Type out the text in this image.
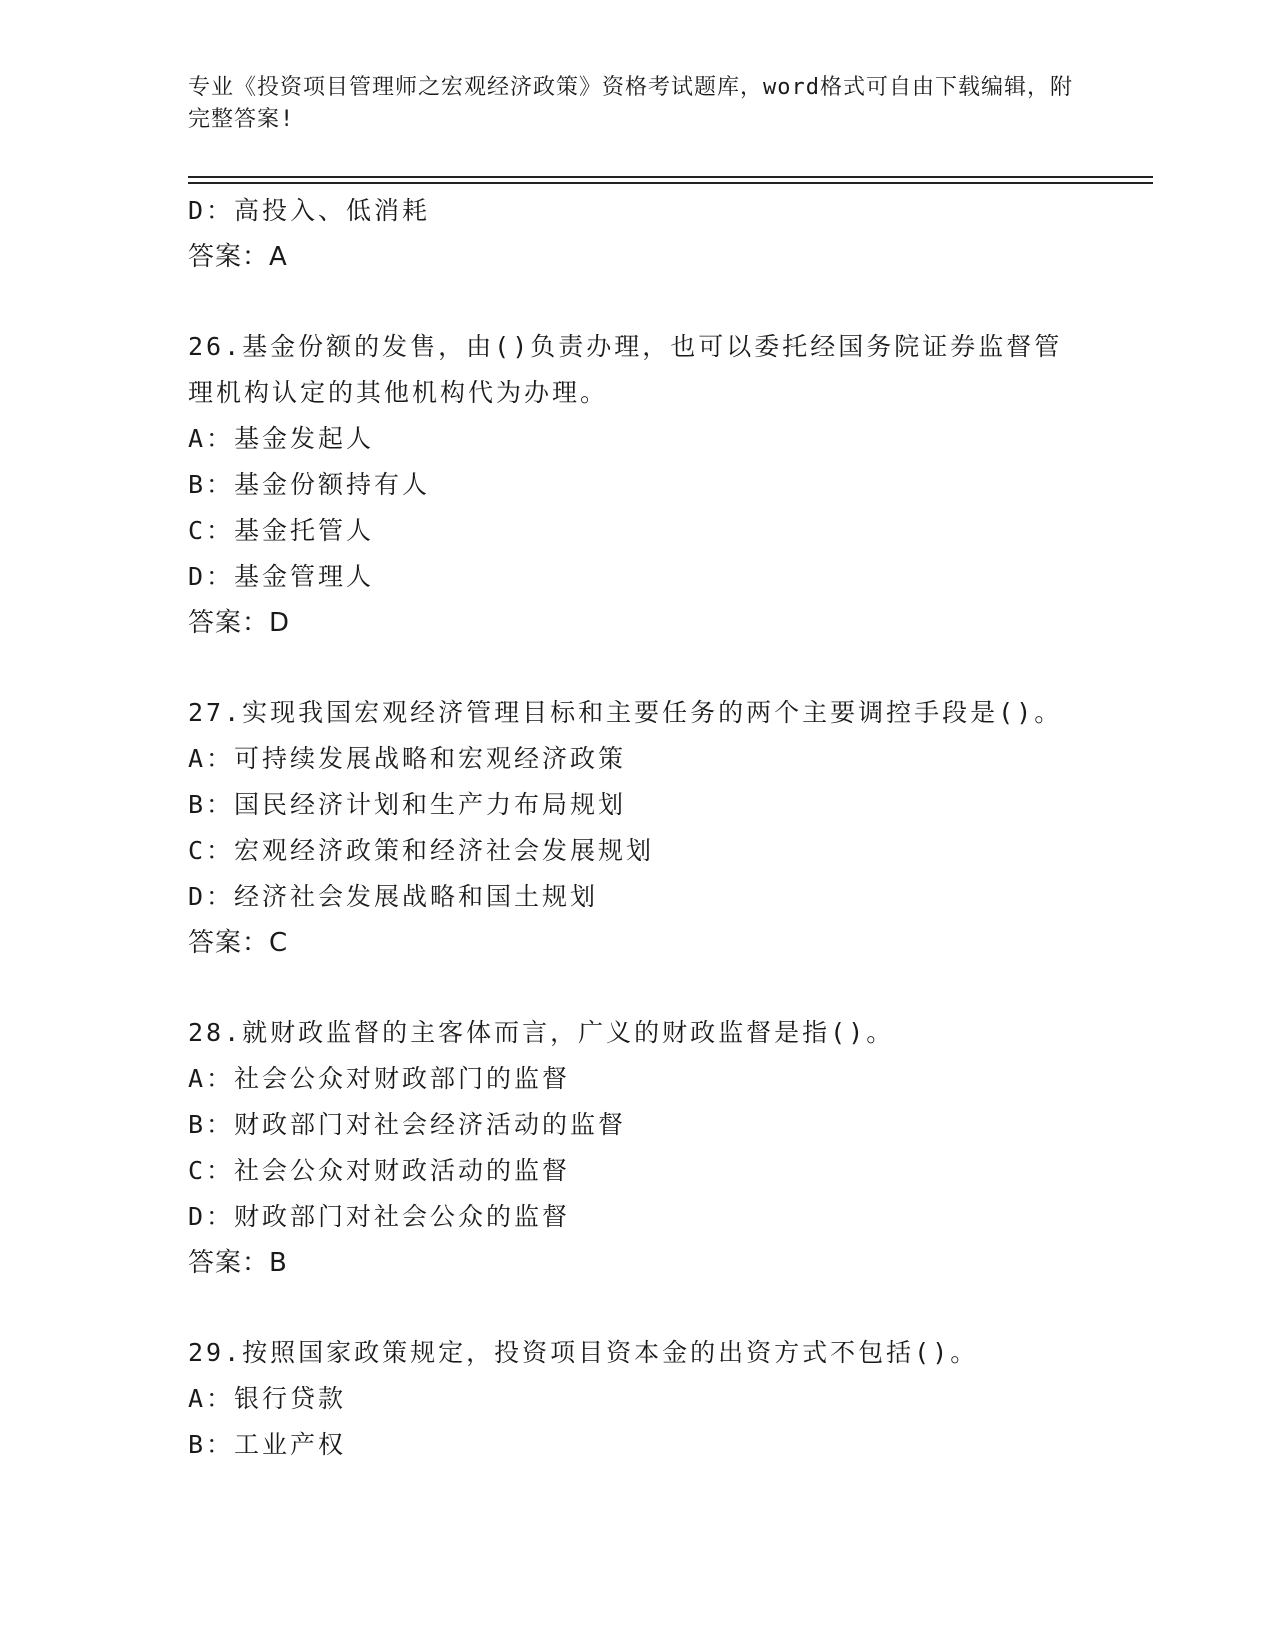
专业《投资项目管理师之宏观经济政策》资格考试题库，word格式可自由下载编辑，附完整答案!
D：高投入、低消耗
答案：A
26.基金份额的发售，由()负责办理，也可以委托经国务院证券监督管理机构认定的其他机构代为办理。
A：基金发起人
B：基金份额持有人
C：基金托管人
D：基金管理人
答案：D
27.实现我国宏观经济管理目标和主要任务的两个主要调控手段是()。
A：可持续发展战略和宏观经济政策
B：国民经济计划和生产力布局规划
C：宏观经济政策和经济社会发展规划
D：经济社会发展战略和国土规划
答案：C
28.就财政监督的主客体而言，广义的财政监督是指()。
A：社会公众对财政部门的监督
B：财政部门对社会经济活动的监督
C：社会公众对财政活动的监督
D：财政部门对社会公众的监督
答案：B
29.按照国家政策规定，投资项目资本金的出资方式不包括()。
A：银行贷款
B：工业产权
